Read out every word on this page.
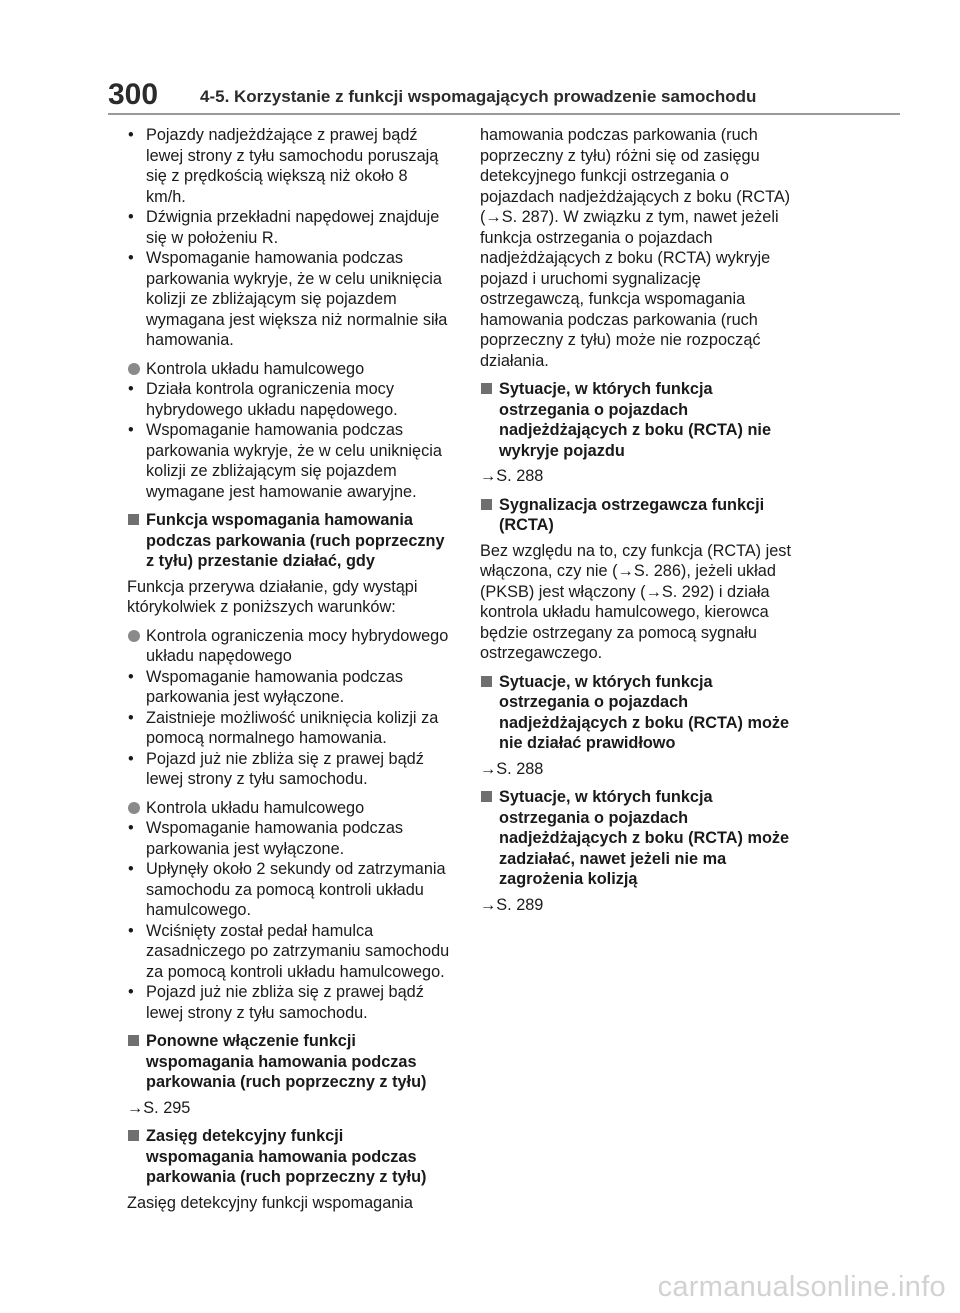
300 4-5. Korzystanie z funkcji wspomagających prowadzenie samochodu
• Pojazdy nadjeżdżające z prawej bądź lewej strony z tyłu samochodu poruszają się z prędkością większą niż około 8 km/h.
• Dźwignia przekładni napędowej znajduje się w położeniu R.
• Wspomaganie hamowania podczas parkowania wykryje, że w celu uniknięcia kolizji ze zbliżającym się pojazdem wymagana jest większa niż normalnie siła hamowania.
Kontrola układu hamulcowego
• Działa kontrola ograniczenia mocy hybrydowego układu napędowego.
• Wspomaganie hamowania podczas parkowania wykryje, że w celu uniknięcia kolizji ze zbliżającym się pojazdem wymagane jest hamowanie awaryjne.
Funkcja wspomagania hamowania podczas parkowania (ruch poprzeczny z tyłu) przestanie działać, gdy
Funkcja przerywa działanie, gdy wystąpi którykolwiek z poniższych warunków:
Kontrola ograniczenia mocy hybrydowego układu napędowego
• Wspomaganie hamowania podczas parkowania jest wyłączone.
• Zaistnieje możliwość uniknięcia kolizji za pomocą normalnego hamowania.
• Pojazd już nie zbliża się z prawej bądź lewej strony z tyłu samochodu.
Kontrola układu hamulcowego
• Wspomaganie hamowania podczas parkowania jest wyłączone.
• Upłynęły około 2 sekundy od zatrzymania samochodu za pomocą kontroli układu hamulcowego.
• Wciśnięty został pedał hamulca zasadniczego po zatrzymaniu samochodu za pomocą kontroli układu hamulcowego.
• Pojazd już nie zbliża się z prawej bądź lewej strony z tyłu samochodu.
Ponowne włączenie funkcji wspomagania hamowania podczas parkowania (ruch poprzeczny z tyłu)
→S. 295
Zasięg detekcyjny funkcji wspomagania hamowania podczas parkowania (ruch poprzeczny z tyłu)
Zasięg detekcyjny funkcji wspomagania
hamowania podczas parkowania (ruch poprzeczny z tyłu) różni się od zasięgu detekcyjnego funkcji ostrzegania o pojazdach nadjeżdżających z boku (RCTA) (→S. 287). W związku z tym, nawet jeżeli funkcja ostrzegania o pojazdach nadjeżdżających z boku (RCTA) wykryje pojazd i uruchomi sygnalizację ostrzegawczą, funkcja wspomagania hamowania podczas parkowania (ruch poprzeczny z tyłu) może nie rozpocząć działania.
Sytuacje, w których funkcja ostrzegania o pojazdach nadjeżdżających z boku (RCTA) nie wykryje pojazdu
→S. 288
Sygnalizacja ostrzegawcza funkcji (RCTA)
Bez względu na to, czy funkcja (RCTA) jest włączona, czy nie (→S. 286), jeżeli układ (PKSB) jest włączony (→S. 292) i działa kontrola układu hamulcowego, kierowca będzie ostrzegany za pomocą sygnału ostrzegawczego.
Sytuacje, w których funkcja ostrzegania o pojazdach nadjeżdżających z boku (RCTA) może nie działać prawidłowo
→S. 288
Sytuacje, w których funkcja ostrzegania o pojazdach nadjeżdżających z boku (RCTA) może zadziałać, nawet jeżeli nie ma zagrożenia kolizją
→S. 289
carmanualsonline.info
